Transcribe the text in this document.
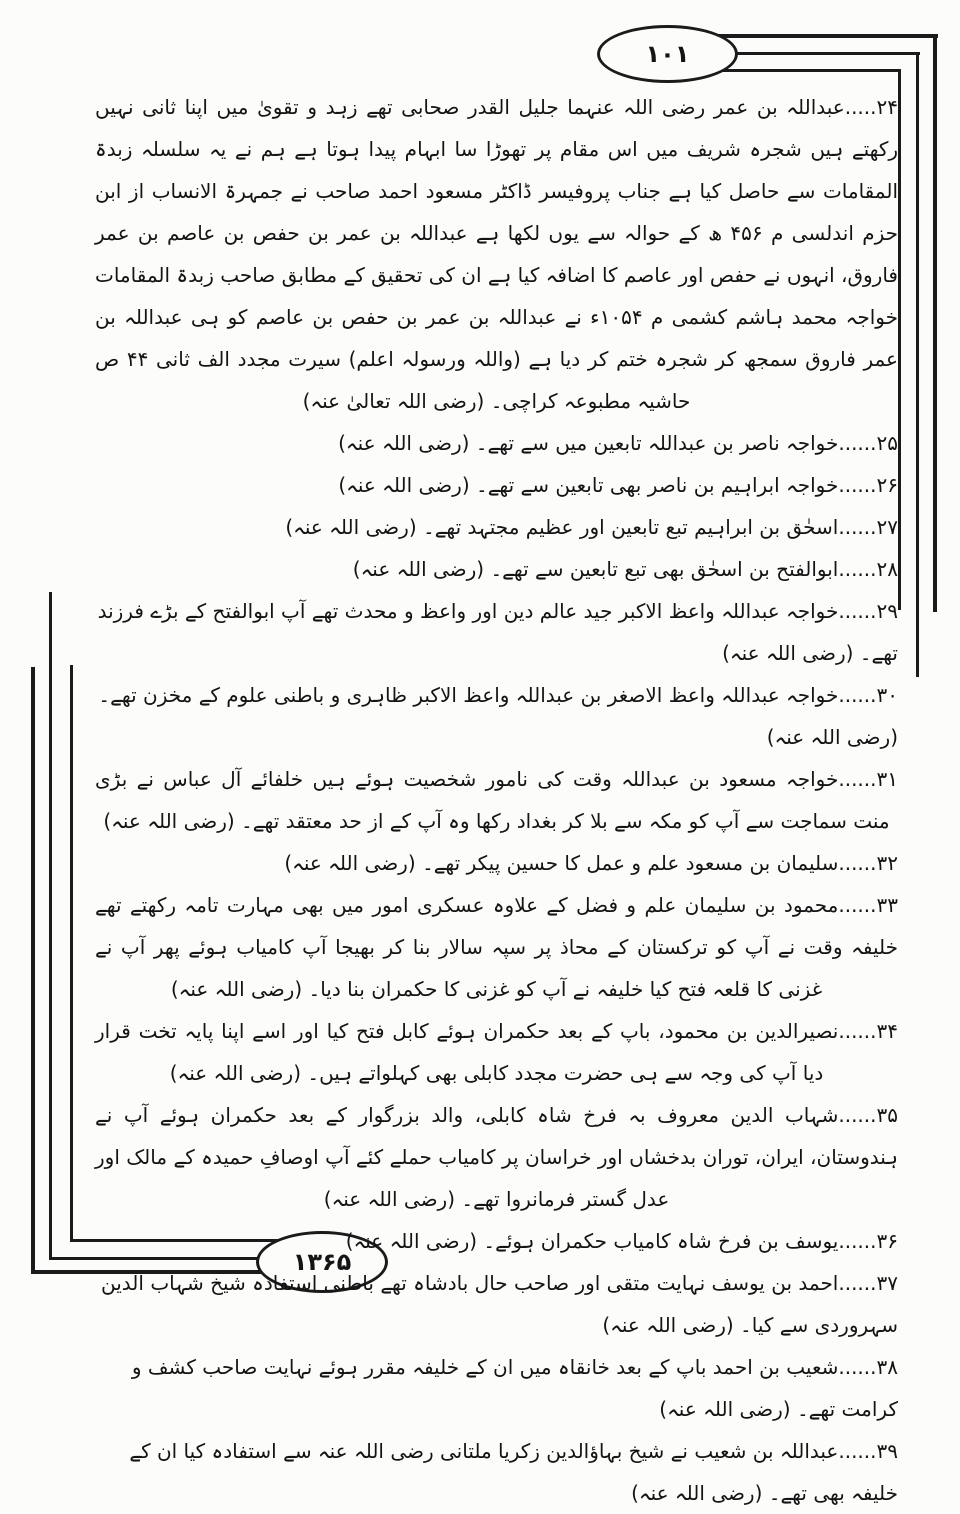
۱۰۱
۱۳۶۵

۲۴.....عبداللہ بن عمر رضی اللہ عنہما جلیل القدر صحابی تھے زہد و تقویٰ میں اپنا ثانی نہیں رکھتے ہیں شجرہ شریف میں اس مقام پر تھوڑا سا ابہام پیدا ہوتا ہے ہم نے یہ سلسلہ زبدۃ المقامات سے حاصل کیا ہے جناب پروفیسر ڈاکٹر مسعود احمد صاحب نے جمہرۃ الانساب از ابن حزم اندلسی م ۴۵۶ ھ کے حوالہ سے یوں لکھا ہے عبداللہ بن عمر بن حفص بن عاصم بن عمر فاروق، انہوں نے حفص اور عاصم کا اضافہ کیا ہے ان کی تحقیق کے مطابق صاحب زبدۃ المقامات خواجہ محمد ہاشم کشمی م ۱۰۵۴ء نے عبداللہ بن عمر بن حفص بن عاصم کو ہی عبداللہ بن عمر فاروق سمجھ کر شجرہ ختم کر دیا ہے (واللہ ورسولہ اعلم) سیرت مجدد الف ثانی ۴۴ ص حاشیہ مطبوعہ کراچی۔ (رضی اللہ تعالیٰ عنہ)

۲۵......خواجہ ناصر بن عبداللہ تابعین میں سے تھے۔ (رضی اللہ عنہ)

۲۶......خواجہ ابراہیم بن ناصر بھی تابعین سے تھے۔ (رضی اللہ عنہ)

۲۷......اسحٰق بن ابراہیم تبع تابعین اور عظیم مجتہد تھے۔ (رضی اللہ عنہ)

۲۸......ابوالفتح بن اسحٰق بھی تبع تابعین سے تھے۔ (رضی اللہ عنہ)

۲۹......خواجہ عبداللہ واعظ الاکبر جید عالم دین اور واعظ و محدث تھے آپ ابوالفتح کے بڑے فرزند تھے۔ (رضی اللہ عنہ)

۳۰......خواجہ عبداللہ واعظ الاصغر بن عبداللہ واعظ الاکبر ظاہری و باطنی علوم کے مخزن تھے۔ (رضی اللہ عنہ)

۳۱......خواجہ مسعود بن عبداللہ وقت کی نامور شخصیت ہوئے ہیں خلفائے آل عباس نے بڑی منت سماجت سے آپ کو مکہ سے بلا کر بغداد رکھا وہ آپ کے از حد معتقد تھے۔ (رضی اللہ عنہ)

۳۲......سلیمان بن مسعود علم و عمل کا حسین پیکر تھے۔ (رضی اللہ عنہ)

۳۳......محمود بن سلیمان علم و فضل کے علاوہ عسکری امور میں بھی مہارت تامہ رکھتے تھے خلیفہ وقت نے آپ کو ترکستان کے محاذ پر سپہ سالار بنا کر بھیجا آپ کامیاب ہوئے پھر آپ نے غزنی کا قلعہ فتح کیا خلیفہ نے آپ کو غزنی کا حکمران بنا دیا۔ (رضی اللہ عنہ)

۳۴......نصیرالدین بن محمود، باپ کے بعد حکمران ہوئے کابل فتح کیا اور اسے اپنا پایہ تخت قرار دیا آپ کی وجہ سے ہی حضرت مجدد کابلی بھی کہلواتے ہیں۔ (رضی اللہ عنہ)

۳۵......شہاب الدین معروف بہ فرخ شاہ کابلی، والد بزرگوار کے بعد حکمران ہوئے آپ نے ہندوستان، ایران، توران بدخشاں اور خراسان پر کامیاب حملے کئے آپ اوصافِ حمیدہ کے مالک اور عدل گستر فرمانروا تھے۔ (رضی اللہ عنہ)

۳۶......یوسف بن فرخ شاہ کامیاب حکمران ہوئے۔ (رضی اللہ عنہ)

۳۷......احمد بن یوسف نہایت متقی اور صاحب حال بادشاہ تھے باطنی استفادہ شیخ شہاب الدین سہروردی سے کیا۔ (رضی اللہ عنہ)

۳۸......شعیب بن احمد باپ کے بعد خانقاہ میں ان کے خلیفہ مقرر ہوئے نہایت صاحب کشف و کرامت تھے۔ (رضی اللہ عنہ)

۳۹......عبداللہ بن شعیب نے شیخ بہاؤالدین زکریا ملتانی رضی اللہ عنہ سے استفادہ کیا ان کے خلیفہ بھی تھے۔ (رضی اللہ عنہ)
